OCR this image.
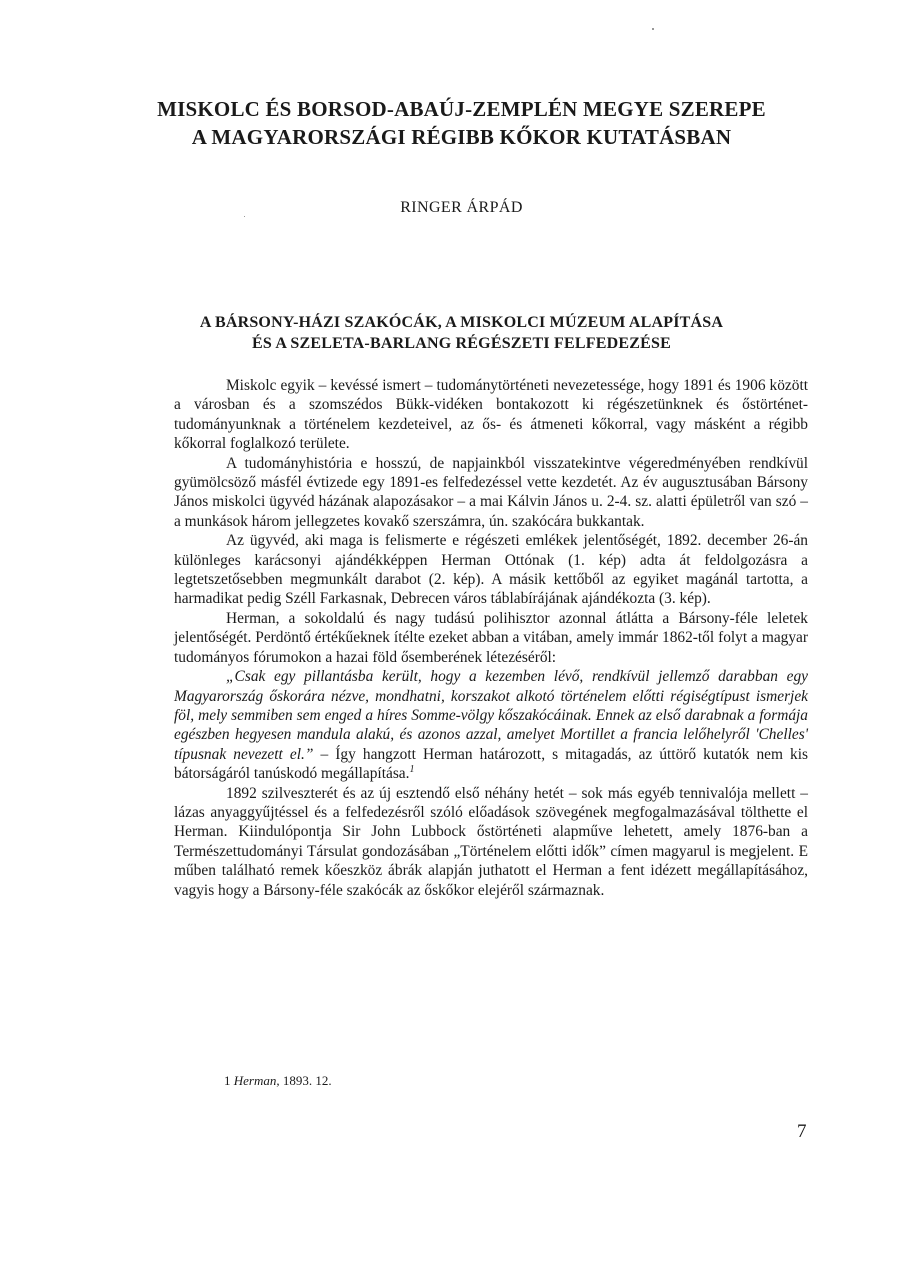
MISKOLC ÉS BORSOD-ABAÚJ-ZEMPLÉN MEGYE SZEREPE
A MAGYARORSZÁGI RÉGIBB KŐKOR KUTATÁSBAN
RINGER ÁRPÁD
A BÁRSONY-HÁZI SZAKÓCÁK, A MISKOLCI MÚZEUM ALAPÍTÁSA
ÉS A SZELETA-BARLANG RÉGÉSZETI FELFEDEZÉSE

Miskolc egyik – kevéssé ismert – tudománytörténeti nevezetessége, hogy 1891 és 1906 között a városban és a szomszédos Bükk-vidéken bontakozott ki régészetünknek és őstörténet-tudományunknak a történelem kezdeteivel, az ős- és átmeneti kőkorral, vagy másként a régibb kőkorral foglalkozó területe.

A tudományhistória e hosszú, de napjainkból visszatekintve végeredményében rendkívül gyümölcsöző másfél évtizede egy 1891-es felfedezéssel vette kezdetét. Az év augusztusában Bársony János miskolci ügyvéd házának alapozásakor – a mai Kálvin János u. 2-4. sz. alatti épületről van szó – a munkások három jellegzetes kovakő szerszámra, ún. szakócára bukkantak.

Az ügyvéd, aki maga is felismerte e régészeti emlékek jelentőségét, 1892. december 26-án különleges karácsonyi ajándékképpen Herman Ottónak (1. kép) adta át feldolgozásra a legtetszetősebben megmunkált darabot (2. kép). A másik kettőből az egyiket magánál tartotta, a harmadikat pedig Széll Farkasnak, Debrecen város táblabírájának ajándékozta (3. kép).

Herman, a sokoldalú és nagy tudású polihisztor azonnal átlátta a Bársony-féle leletek jelentőségét. Perdöntő értékűeknek ítélte ezeket abban a vitában, amely immár 1862-től folyt a magyar tudományos fórumokon a hazai föld ősemberének létezéséről:

„Csak egy pillantásba került, hogy a kezemben lévő, rendkívül jellemző darabban egy Magyarország őskorára nézve, mondhatni, korszakot alkotó történelem előtti régiségtípust ismerjek föl, mely semmiben sem enged a híres Somme-völgy kőszakócáinak. Ennek az első darabnak a formája egészben hegyesen mandula alakú, és azonos azzal, amelyet Mortillet a francia lelőhelyről 'Chelles' típusnak nevezett el.” – Így hangzott Herman határozott, s mitagadás, az úttörő kutatók nem kis bátorságáról tanúskodó megállapítása.$^1$

1892 szilveszterét és az új esztendő első néhány hetét – sok más egyéb tennivalója mellett – lázas anyaggyűjtéssel és a felfedezésről szóló előadások szövegének megfogalmazásával tölthette el Herman. Kiindulópontja Sir John Lubbock őstörténeti alapműve lehetett, amely 1876-ban a Természettudományi Társulat gondozásában „Történelem előtti idők” címen magyarul is megjelent. E műben található remek kőeszköz ábrák alapján juthatott el Herman a fent idézett megállapításához, vagyis hogy a Bársony-féle szakócák az őskőkor elejéről származnak.

1 Herman, 1893. 12.
7
